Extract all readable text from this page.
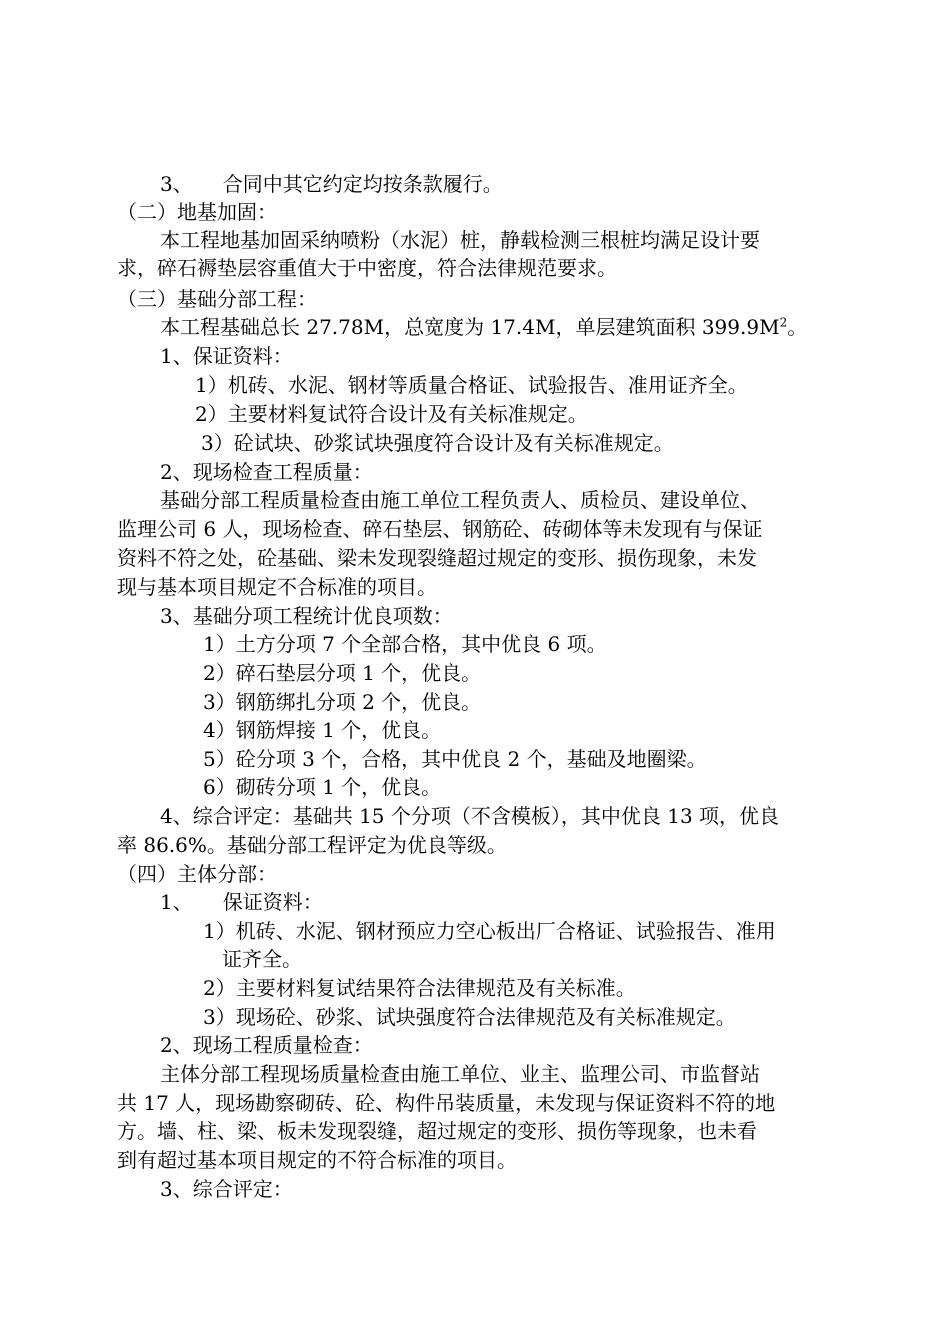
3、　　合同中其它约定均按条款履行。
（二）地基加固：
本工程地基加固采纳喷粉（水泥）桩，静载检测三根桩均满足设计要
求，碎石褥垫层容重值大于中密度，符合法律规范要求。
（三）基础分部工程：
本工程基础总长 27.78M，总宽度为 17.4M，单层建筑面积 $399.9M^2$。
1、保证资料：
1）机砖、水泥、钢材等质量合格证、试验报告、准用证齐全。
2）主要材料复试符合设计及有关标准规定。
3）砼试块、砂浆试块强度符合设计及有关标准规定。
2、现场检查工程质量：
基础分部工程质量检查由施工单位工程负责人、质检员、建设单位、
监理公司 6 人，现场检查、碎石垫层、钢筋砼、砖砌体等未发现有与保证
资料不符之处，砼基础、梁未发现裂缝超过规定的变形、损伤现象，未发
现与基本项目规定不合标准的项目。
3、基础分项工程统计优良项数：
1）土方分项 7 个全部合格，其中优良 6 项。
2）碎石垫层分项 1 个，优良。
3）钢筋绑扎分项 2 个，优良。
4）钢筋焊接 1 个，优良。
5）砼分项 3 个，合格，其中优良 2 个，基础及地圈梁。
6）砌砖分项 1 个，优良。
4、综合评定：基础共 15 个分项（不含模板），其中优良 13 项，优良
率 86.6%。基础分部工程评定为优良等级。
（四）主体分部：
1、　　保证资料：
1）机砖、水泥、钢材预应力空心板出厂合格证、试验报告、准用
证齐全。
2）主要材料复试结果符合法律规范及有关标准。
3）现场砼、砂浆、试块强度符合法律规范及有关标准规定。
2、现场工程质量检查：
主体分部工程现场质量检查由施工单位、业主、监理公司、市监督站
共 17 人，现场勘察砌砖、砼、构件吊装质量，未发现与保证资料不符的地
方。墙、柱、梁、板未发现裂缝，超过规定的变形、损伤等现象，也未看
到有超过基本项目规定的不符合标准的项目。
3、综合评定：
